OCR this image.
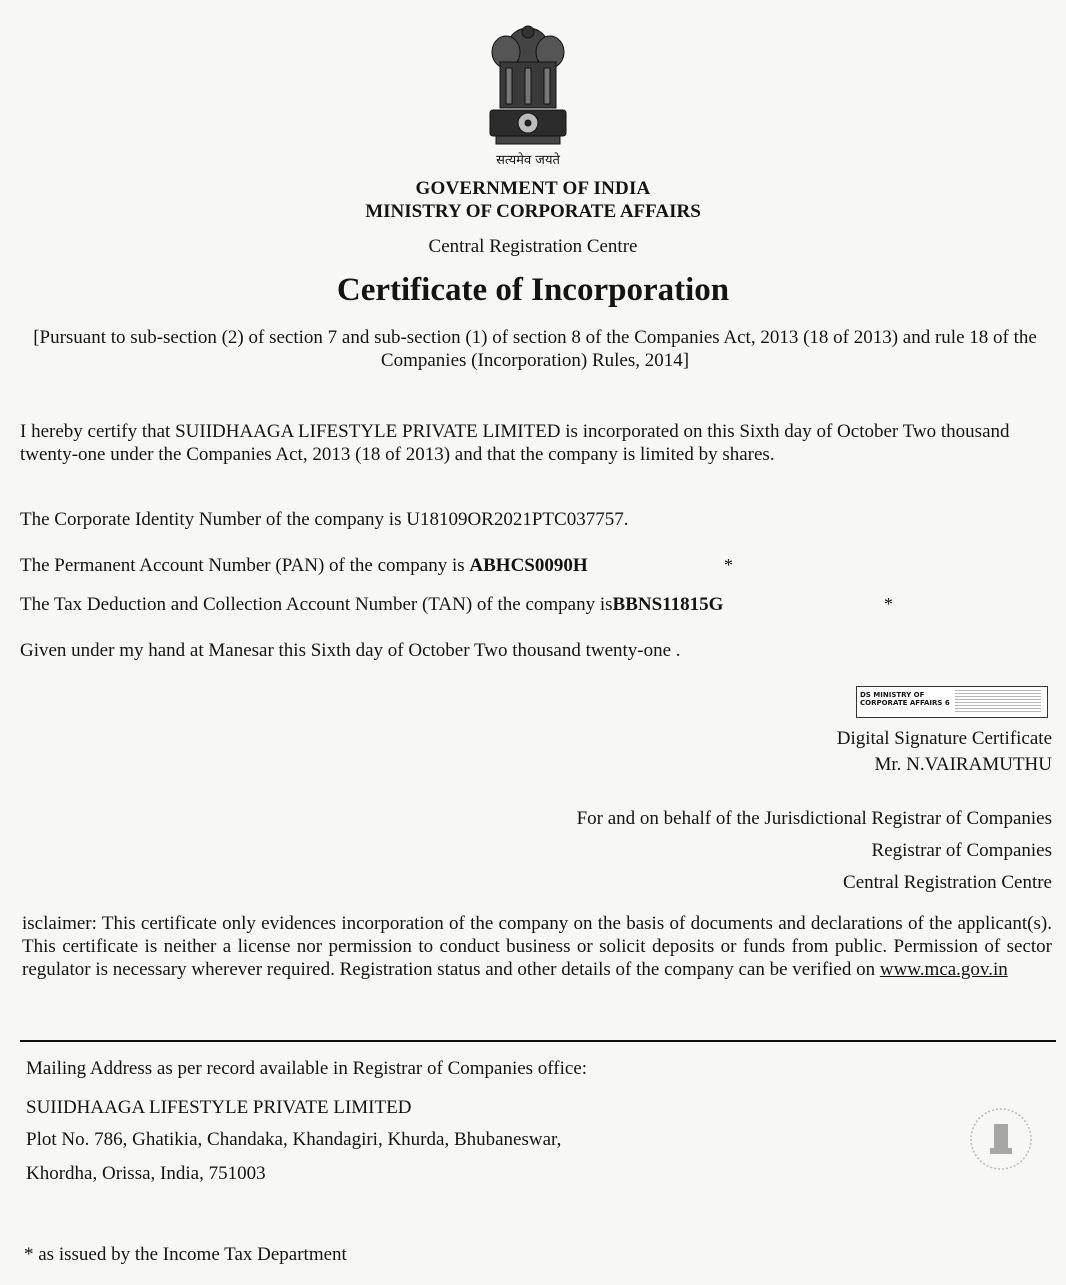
सत्यमेव जयते
GOVERNMENT OF INDIA
MINISTRY OF CORPORATE AFFAIRS
Central Registration Centre
Certificate of Incorporation
[Pursuant to sub-section (2) of section 7 and sub-section (1) of section 8 of the Companies Act, 2013 (18 of 2013) and rule 18 of the Companies (Incorporation) Rules, 2014]
I hereby certify that SUIIDHAAGA LIFESTYLE PRIVATE LIMITED is incorporated on this Sixth day of October Two thousand twenty-one under the Companies Act, 2013 (18 of 2013) and that the company is limited by shares.
The Corporate Identity Number of the company is U18109OR2021PTC037757.
The Permanent Account Number (PAN) of the company is ABHCS0090H	*
The Tax Deduction and Collection Account Number (TAN) of the company isBBNS11815G	*
Given under my hand at Manesar this Sixth day of October Two thousand twenty-one .
DS MINISTRY OF CORPORATE AFFAIRS 6
Digital Signature Certificate
Mr. N.VAIRAMUTHU
For and on behalf of the Jurisdictional Registrar of Companies
Registrar of Companies
Central Registration Centre
isclaimer: This certificate only evidences incorporation of the company on the basis of documents and declarations of the applicant(s). This certificate is neither a license nor permission to conduct business or solicit deposits or funds from public. Permission of sector regulator is necessary wherever required. Registration status and other details of the company can be verified on www.mca.gov.in
Mailing Address as per record available in Registrar of Companies office:
SUIIDHAAGA LIFESTYLE PRIVATE LIMITED
Plot No. 786, Ghatikia, Chandaka, Khandagiri, Khurda, Bhubaneswar,
Khordha, Orissa, India, 751003
* as issued by the Income Tax Department
